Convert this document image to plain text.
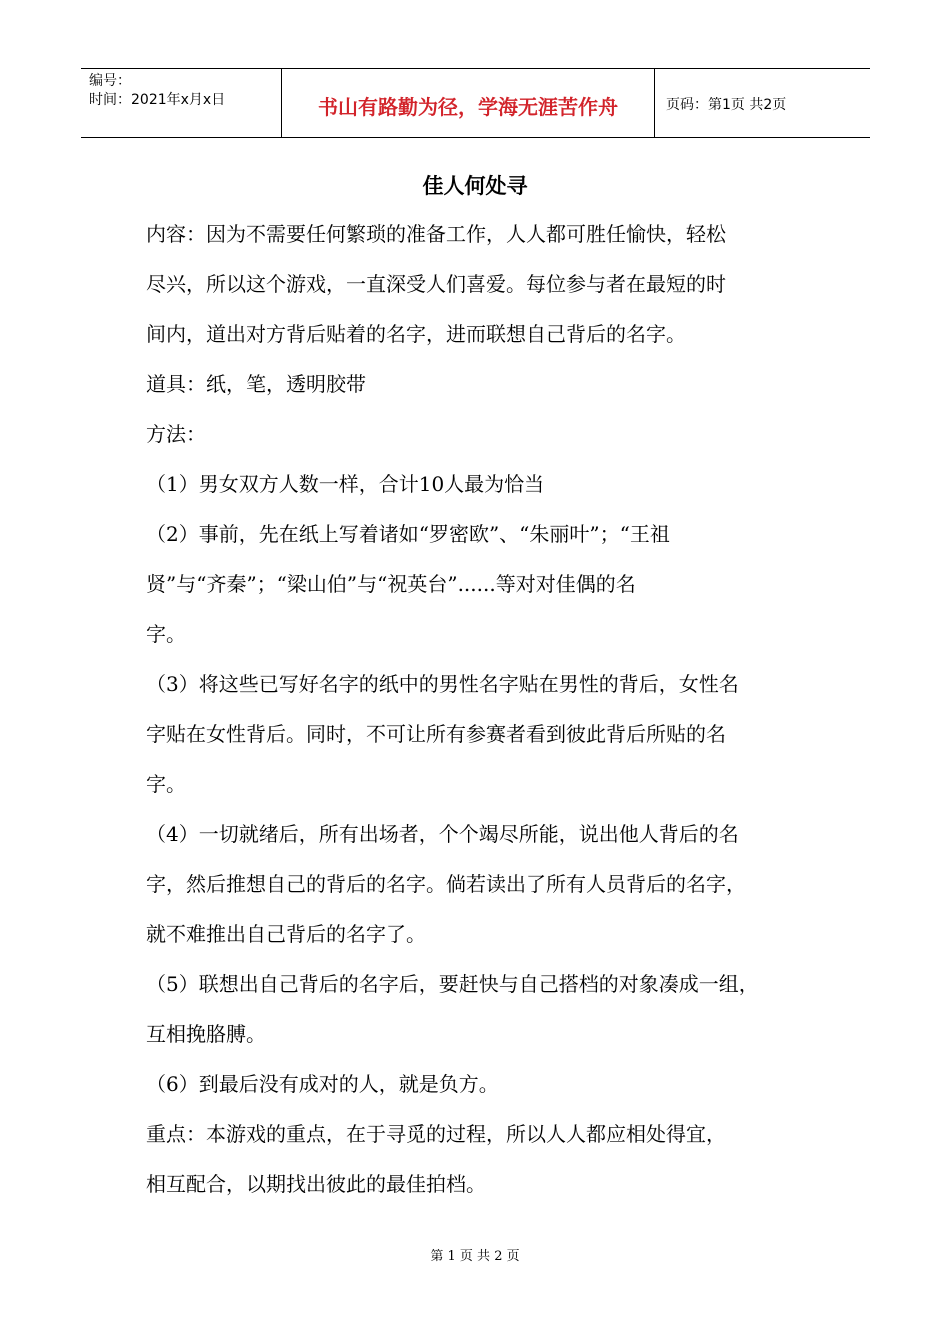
编号：
时间：2021年x月x日	书山有路勤为径，学海无涯苦作舟	页码：第1页 共2页
佳人何处寻
内容：因为不需要任何繁琐的准备工作，人人都可胜任愉快，轻松
尽兴，所以这个游戏，一直深受人们喜爱。每位参与者在最短的时
间内，道出对方背后贴着的名字，进而联想自己背后的名字。
道具：纸，笔，透明胶带
方法：
（1）男女双方人数一样，合计10人最为恰当
（2）事前，先在纸上写着诸如“罗密欧”、“朱丽叶”；“王祖
贤”与“齐秦”；“梁山伯”与“祝英台”......等对对佳偶的名
字。
（3）将这些已写好名字的纸中的男性名字贴在男性的背后，女性名
字贴在女性背后。同时，不可让所有参赛者看到彼此背后所贴的名
字。
（4）一切就绪后，所有出场者，个个竭尽所能，说出他人背后的名
字，然后推想自己的背后的名字。倘若读出了所有人员背后的名字，
就不难推出自己背后的名字了。
（5）联想出自己背后的名字后，要赶快与自己搭档的对象凑成一组，
互相挽胳膊。
（6）到最后没有成对的人，就是负方。
重点：本游戏的重点，在于寻觅的过程，所以人人都应相处得宜，
相互配合，以期找出彼此的最佳拍档。
第 1 页 共 2 页
